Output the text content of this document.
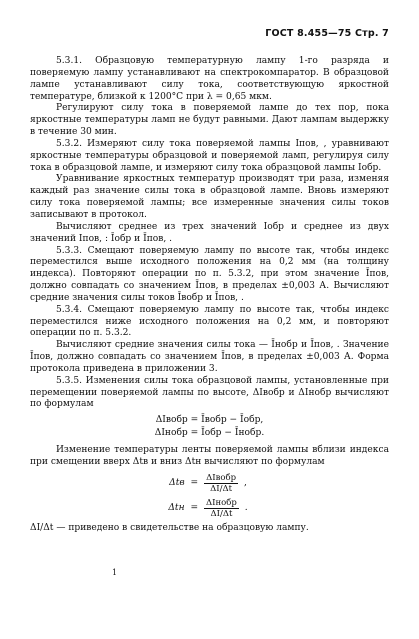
ГОСТ 8.455—75 Стр. 7

5.3.1. Образцовую температурную лампу 1-го разряда и поверяемую лампу устанавливают на спектрокомпаратор. В образцовой лампе устанавливают силу тока, соответствующую яркостной температуре, близкой к 1200°С при λ = 0,65 мкм.

Регулируют силу тока в поверяемой лампе до тех пор, пока яркостные температуры ламп не будут равными. Дают лампам выдержку в течение 30 мин.

5.3.2. Измеряют силу тока поверяемой лампы Iпов, , уравнивают яркостные температуры образцовой и поверяемой ламп, регулируя силу тока в образцовой лампе, и измеряют силу тока образцовой лампы Iобр.

Уравнивание яркостных температур производят три раза, изменяя каждый раз значение силы тока в образцовой лампе. Вновь измеряют силу тока поверяемой лампы; все измеренные значения силы токов записывают в протокол.

Вычисляют среднее из трех значений Iобр и среднее из двух значений Iпов, : Īобр и Īпов, .

5.3.3. Смещают поверяемую лампу по высоте так, чтобы индекс переместился выше исходного положения на 0,2 мм (на толщину индекса). Повторяют операции по п. 5.3.2, при этом значение Īпов, должно совпадать со значением Īпов, в пределах ±0,003 А. Вычисляют средние значения силы токов Īвобр и Īпов, .

5.3.4. Смещают поверяемую лампу по высоте так, чтобы индекс переместился ниже исходного положения на 0,2 мм, и повторяют операции по п. 5.3.2.

Вычисляют средние значения силы тока — Īнобр и Īпов, . Значение Īпов, должно совпадать со значением Īпов, в пределах ±0,003 А. Форма протокола приведена в приложении 3.

5.3.5. Изменения силы тока образцовой лампы, установленные при перемещении поверяемой лампы по высоте, ΔIвобр и ΔIнобр вычисляют по формулам

ΔIвобр = Īвобр − Īобр,
ΔIнобр = Īобр − Īнобр.

Изменение температуры ленты поверяемой лампы вблизи индекса при смещении вверх Δtв и вниз Δtн вычисляют по формулам

$\Delta tв = \frac{\text{ΔIвобр}}{\Delta I/\Delta t}$ ,
$\Delta tн = \frac{\text{ΔIнобр}}{\Delta I/\Delta t}$ .

ΔI/Δt — приведено в свидетельстве на образцовую лампу.

1
